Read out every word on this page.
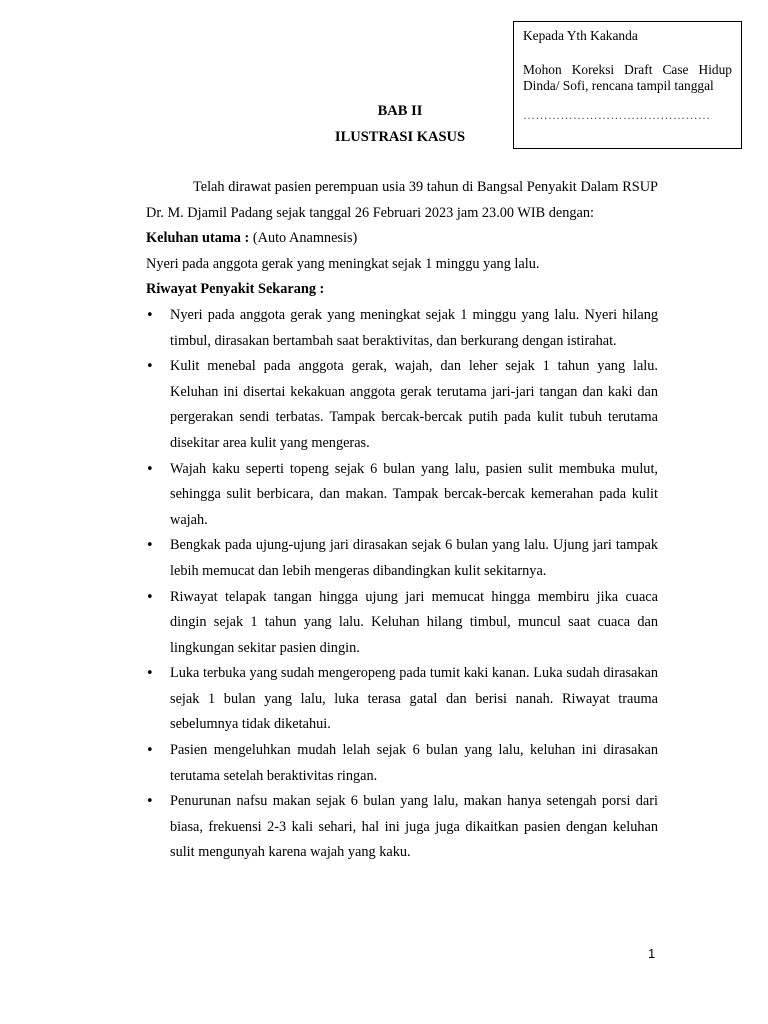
Kepada Yth Kakanda

Mohon Koreksi Draft Case Hidup Dinda/ Sofi, rencana tampil tanggal

………………………………………

BAB II
ILUSTRASI KASUS

Telah dirawat pasien perempuan usia 39 tahun di Bangsal Penyakit Dalam RSUP Dr. M. Djamil Padang sejak tanggal 26 Februari 2023 jam 23.00 WIB dengan:

Keluhan utama : (Auto Anamnesis)

Nyeri pada anggota gerak yang meningkat sejak 1 minggu yang lalu.

Riwayat Penyakit Sekarang :

• Nyeri pada anggota gerak yang meningkat sejak 1 minggu yang lalu. Nyeri hilang timbul, dirasakan bertambah saat beraktivitas, dan berkurang dengan istirahat.
• Kulit menebal pada anggota gerak, wajah, dan leher sejak 1 tahun yang lalu. Keluhan ini disertai kekakuan anggota gerak terutama jari-jari tangan dan kaki dan pergerakan sendi terbatas. Tampak bercak-bercak putih pada kulit tubuh terutama disekitar area kulit yang mengeras.
• Wajah kaku seperti topeng sejak 6 bulan yang lalu, pasien sulit membuka mulut, sehingga sulit berbicara, dan makan. Tampak bercak-bercak kemerahan pada kulit wajah.
• Bengkak pada ujung-ujung jari dirasakan sejak 6 bulan yang lalu. Ujung jari tampak lebih memucat dan lebih mengeras dibandingkan kulit sekitarnya.
• Riwayat telapak tangan hingga ujung jari memucat hingga membiru jika cuaca dingin sejak 1 tahun yang lalu. Keluhan hilang timbul, muncul saat cuaca dan lingkungan sekitar pasien dingin.
• Luka terbuka yang sudah mengeropeng pada tumit kaki kanan. Luka sudah dirasakan sejak 1 bulan yang lalu, luka terasa gatal dan berisi nanah. Riwayat trauma sebelumnya tidak diketahui.
• Pasien mengeluhkan mudah lelah sejak 6 bulan yang lalu, keluhan ini dirasakan terutama setelah beraktivitas ringan.
• Penurunan nafsu makan sejak 6 bulan yang lalu, makan hanya setengah porsi dari biasa, frekuensi 2-3 kali sehari, hal ini juga juga dikaitkan pasien dengan keluhan sulit mengunyah karena wajah yang kaku.
1
